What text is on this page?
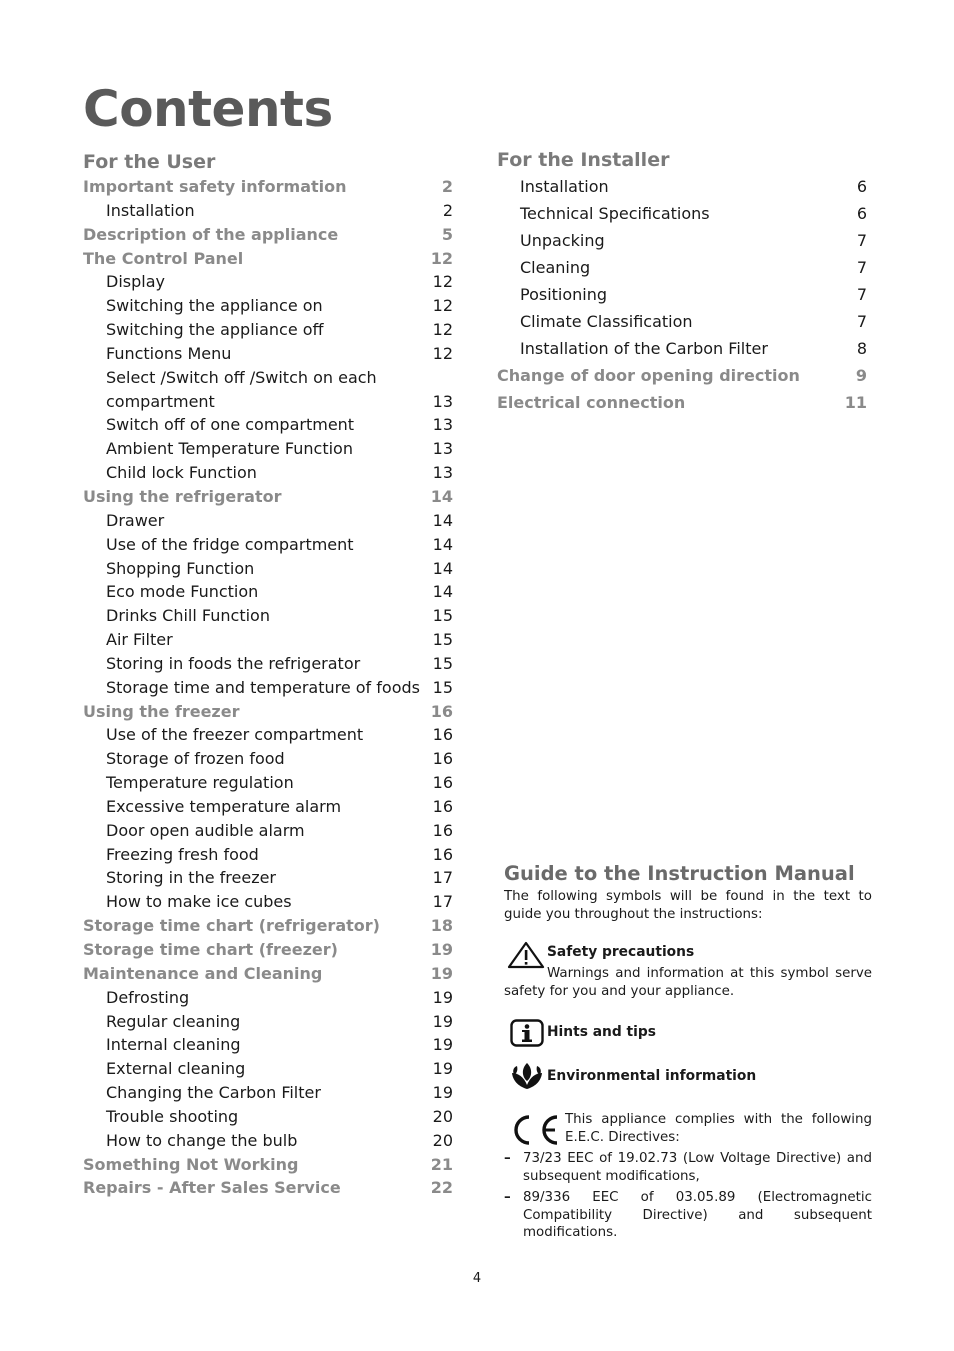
Contents
For the User
Important safety information	2
Installation	2
Description of the appliance	5
The Control Panel	12
Display	12
Switching the appliance on	12
Switching the appliance off	12
Functions Menu	12
Select /Switch off /Switch on each
compartment	13
Switch off of one compartment	13
Ambient Temperature Function	13
Child lock Function	13
Using the refrigerator	14
Drawer	14
Use of the fridge compartment	14
Shopping Function	14
Eco mode Function	14
Drinks Chill Function	15
Air Filter	15
Storing in foods the refrigerator	15
Storage time and temperature of foods 15
Using the freezer	16
Use of the freezer compartment	16
Storage of frozen food	16
Temperature regulation	16
Excessive temperature alarm	16
Door open audible alarm	16
Freezing fresh food	16
Storing in the freezer	17
How to make ice cubes	17
Storage time chart (refrigerator)	18
Storage time chart (freezer)	19
Maintenance and Cleaning	19
Defrosting	19
Regular cleaning	19
Internal cleaning	19
External cleaning	19
Changing the Carbon Filter	19
Trouble shooting	20
How to change the bulb	20
Something Not Working	21
Repairs - After Sales Service	22
For the Installer
Installation	6
Technical Specifications	6
Unpacking	7
Cleaning	7
Positioning	7
Climate Classification	7
Installation of the Carbon Filter	8
Change of door opening direction	9
Electrical connection	11
Guide to the Instruction Manual

The following symbols will be found in the text to guide you throughout the instructions:

Safety precautions

Warnings and information at this symbol serve safety for you and your appliance.

Hints and tips
Environmental information

This appliance complies with the following E.E.C. Directives:

– 73/23 EEC of 19.02.73 (Low Voltage Directive) and subsequent modifications,
– 89/336 EEC of 03.05.89 (Electromagnetic Compatibility Directive) and subsequent modifications.
4
